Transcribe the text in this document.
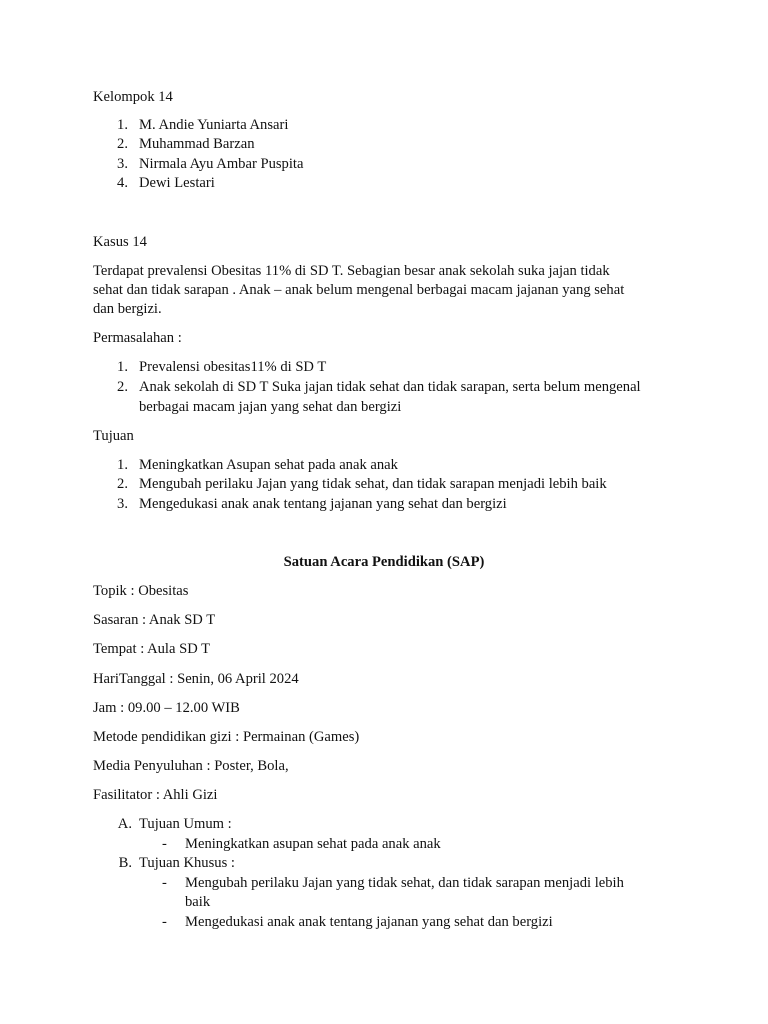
Kelompok 14
1. M. Andie Yuniarta Ansari
2. Muhammad Barzan
3. Nirmala Ayu Ambar Puspita
4. Dewi Lestari
Kasus 14
Terdapat prevalensi Obesitas 11% di SD T. Sebagian besar anak sekolah suka jajan tidak
sehat dan tidak sarapan . Anak – anak belum mengenal berbagai macam jajanan yang sehat
dan bergizi.
Permasalahan :
1. Prevalensi obesitas11% di SD T
2. Anak sekolah di SD T Suka jajan tidak sehat dan tidak sarapan, serta belum mengenal
berbagai macam jajan yang sehat dan bergizi
Tujuan
1. Meningkatkan Asupan sehat pada anak anak
2. Mengubah perilaku Jajan yang tidak sehat, dan tidak sarapan menjadi lebih baik
3. Mengedukasi anak anak tentang jajanan yang sehat dan bergizi
Satuan Acara Pendidikan (SAP)
Topik : Obesitas
Sasaran : Anak SD T
Tempat : Aula SD T
HariTanggal : Senin, 06 April 2024
Jam : 09.00 – 12.00 WIB
Metode pendidikan gizi : Permainan (Games)
Media Penyuluhan : Poster, Bola,
Fasilitator : Ahli Gizi
A. Tujuan Umum :
- Meningkatkan asupan sehat pada anak anak
B. Tujuan Khusus :
- Mengubah perilaku Jajan yang tidak sehat, dan tidak sarapan menjadi lebih
baik
- Mengedukasi anak anak tentang jajanan yang sehat dan bergizi
